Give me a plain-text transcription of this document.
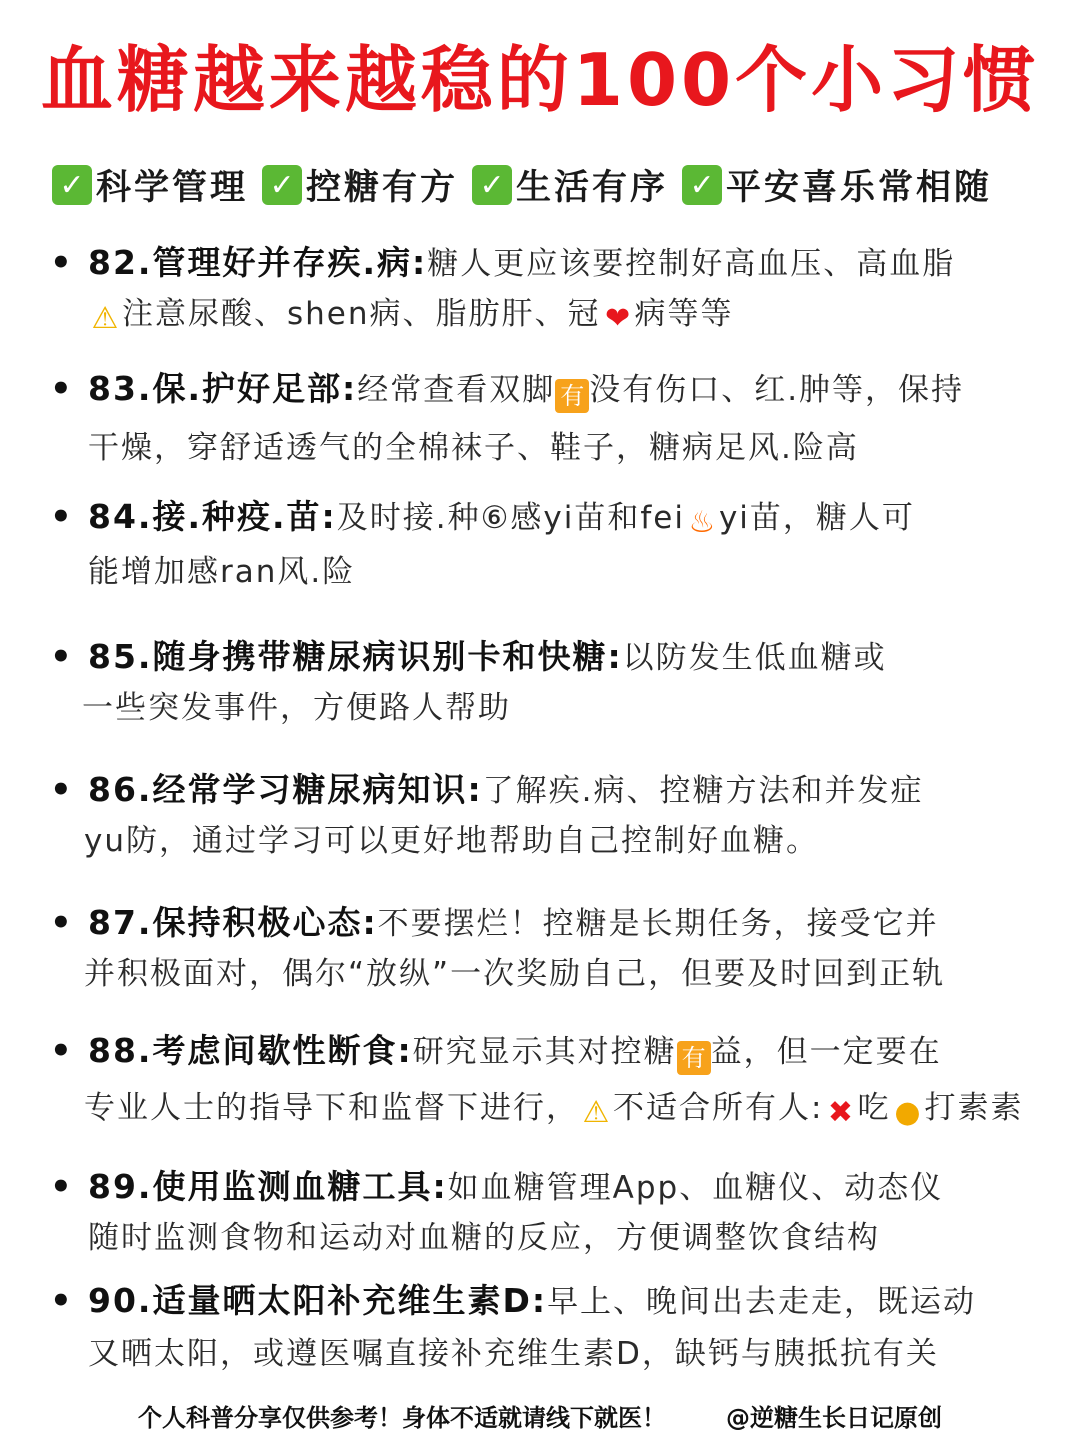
血糖越来越稳的100个小习惯
✓ 科学管理 ✓ 控糖有方 ✓ 生活有序 ✓ 平安喜乐常相随
• 82.管理好并存疾.病:糖人更应该要控制好高血压、高血脂
⚠ 注意尿酸、shen病、脂肪肝、冠 ❤ 病等等
• 83.保.护好足部:经常查看双脚 有 没有伤口、红.肿等，保持
干燥，穿舒适透气的全棉袜子、鞋子，糖病足风.险高
• 84.接.种疫.苗:及时接.种⑥感yi苗和fei ♨ yi苗，糖人可
能增加感ran风.险
• 85.随身携带糖尿病识别卡和快糖:以防发生低血糖或
一些突发事件，方便路人帮助
• 86.经常学习糖尿病知识:了解疾.病、控糖方法和并发症
yu防，通过学习可以更好地帮助自己控制好血糖。
• 87.保持积极心态:不要摆烂！控糖是长期任务，接受它并
并积极面对，偶尔“放纵”一次奖励自己，但要及时回到正轨
• 88.考虑间歇性断食:研究显示其对控糖 有 益，但一定要在
专业人士的指导下和监督下进行， ⚠ 不适合所有人: ✖ 吃 ● 打素素
• 89.使用监测血糖工具:如血糖管理App、血糖仪、动态仪
随时监测食物和运动对血糖的反应，方便调整饮食结构
• 90.适量晒太阳补充维生素D:早上、晚间出去走走，既运动
又晒太阳，或遵医嘱直接补充维生素D，缺钙与胰抵抗有关
个人科普分享仅供参考！身体不适就请线下就医！	@逆糖生长日记原创
